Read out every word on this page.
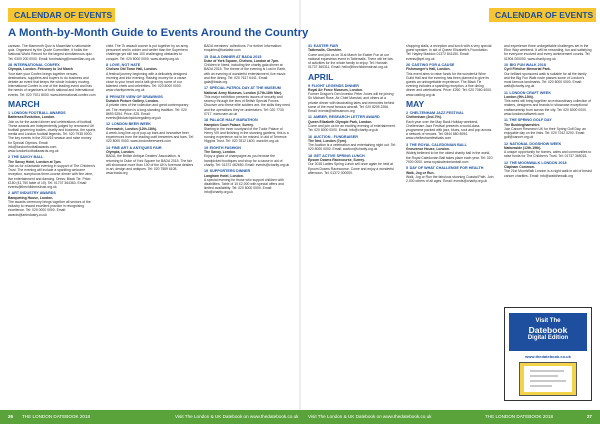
CALENDAR OF EVENTS	CALENDAR OF EVENTS
A Month-by-Month Guide to Events Around the Country
caravan. The Mammoth Quiz is Macmillan's nationwide quiz. Organised by the Quote Committee, it holds the National World Record for the largest simultaneous quiz. Tel: 0300 200 0000. Email: fundraising@macmillan.org.uk
28 INTERNATIONAL CONFEX
Olympia, London. February to 1st March
Your start your Confex brings together venues, destinations, suppliers and buyers to do business and debate an event that keeps the whole industry moving. International Confex is one of the leading event and has the needs of organisers of both national and international events. Tel: 020 7921 8000. www.international-confex.com
MARCH
1 LONDON FOOTBALL AWARDS
Battersea Evolution, London.
Join us for the award dinner and celebrations of football. These awards are independently judged by renowned UK football governing bodies, charity and business, the sports media and London football legends. Tel: 020 7935 0000. The key events in the 2014/15 season and raise money for Special Olymics. Email: info@londonfootballawards.com. www.londonfootballawards.org.uk
2 THE SAVOY BALL
The Savoy Hotel, London at 7pm.
Join us for a fantastic evening in support of The Children's Trust. The evening will include a sparkling welcome reception, sumptuous three-course dinner with fine wine, live entertainment and dancing. Dress: Black Tie. Price: £180 (£1,750 table of 10). Tel: 01737 364363. Email: events@thechildrenstrust.org.uk
2 ART INDUSTRY AWARDS
Banqueting House, London.
The awards ceremony brings together all sectors of the industry to reward excellent practice in recognising excellence. Tel: 020 0000 0000. Email: awards@artindustry.co.uk
child. The 7k assault course is put together by an army personnel and is colder and wetter than the Superhero challenge yet still has 100 challenging obstacles to conquer. Tel: 020 8000 0000. www.charity.org.uk
8 LOVE, NOT HATE
Chelsea Old Town Hall, London.
A festival journey beginning with a delicately designed morning and into evening. Raising money for a cause close to your heart and a talk given by some of our talented chefs and celebrities. Tel: 020 8000 0000. www.charityevents.org.uk
8 PRIVATE VIEW OF DRAWINGS
Dulwich Picture Gallery, London.
A private view of the collection and great contemporary art. The reception is a long-standing tradition. Tel: 020 8693 5254. Price: £25. Email: events@dulwichpicturegallery.org.uk
12 LONDON BEER WEEK
Greenwich, London (12th-18th).
A week-long line-up of pop-up bars and innovative beer experiences from the leading craft breweries and bars. Tel: 020 8000 0000. www.londonbeerweek.com
14 FINE ART & ANTIQUES FAIR
Olympia, London.
BADA, the British Antique Dealers' Association, is returning to Duke of York Square for BADA 2015. The fair will showcase more than 100 of the UK's foremost dealers in art, design and antiques. Tel: 020 7589 6108. www.bada.org
BADA members' collections. For further information: enquiries@badafair.com
15 GALA DINNER AT BADA 2015
Duke of York Square, Chelsea, London at 7pm.
Children in Need, including the charity gala dinner at BADA 2015. The theme of the evening is Lost in Earth, with an evening of wonderful entertainment, live music and fine dining. Tel: 020 7617 6441. Email: gala@bada.org
17 SPECIAL PATROL DAY AT THE MUSEUM
National Army Museum, London (17th-18th Mar).
This major exhibition presents issues of security and secrecy through the lens of British Special Forces. Discover who these elite soldiers are, the skills they need and the operations they've undertaken. Tel: 020 7730 0717. www.nam.ac.uk
18 PALACE HALF MARATHON
Hampton Court Palace, Surrey.
Starting in the inner courtyard of the Tudor Palace of Henry VIII and finishing in the stunning gardens, this is a running experience not to be missed. In aid of Terrence Higgins Trust. Tel: 020 7812 1600. www.tht.org.uk
19 EIGHTH FASHION
The Savoy, London.
Enjoy a glass of champagne as you browse the handpicked boutiques and shop for a cause in aid of charity. Tel: 01372 462650. Email: events@charity.org.uk
19 SUPPORTERS DINNER
Langham Hotel, London.
A special evening for those who support children with disabilities. Table of 10 £2,000 with special offers and limited availability. Tel: 020 8000 0000. Email: info@charity.org.uk
31 EASTER FAIR
Tattersalls, Cheshire.
Come and join us on 31st March for Easter Fun at our national equestrian event in Tattersalls. There will be lots of activities for the whole family to enjoy. Tel: Hannah 01737 360311. Email: hello@thechildrenstrust.org.uk
APRIL
9 FLIGHT LEGENDS DINNER
Royal Air Force Museum, London.
Former Dragon's Den investor Peter Jones will be joining Sir Michael Rose, Air Chief Marshal, and others at a private dinner with fascinating tales and memories behind some of the most famous aircraft. Tel: 020 8205 2266. Email: events@rafmuseum.org
11 AMBER, RESEARCH LETTER AWARD
Queen Elizabeth Olympic Park, London.
Come and join us for an exciting evening of entertainment. Tel: 020 8000 0000. Email: info@charity.org.uk
16 AUCTION - FUNDRAISER
The Ned, London (7pm).
The Auction is a celebration and entertaining night out. Tel: 020 8000 0000. Email: auction@charity.org.uk
18 GET ACTIVE SPRING LUNCH
Epsom Downs Racecourse, Surrey.
Our 2018 Ladies Spring Lunch will once again be held at Epsom Downs Racecourse. Come and enjoy a wonderful afternoon. Tel: 01372 000000.
shopping stalls, a reception and lunch with a very special guest speaker. In aid of Queen Elizabeth's Foundation. Tel: Hayley Maddox 01372 841150. Email: events@qef.org.uk
26 CASTING FOR A CAUSE
Fishmonger's Hall, London.
This event aims to raise funds for the wonderful Wine Guild Hall and the evening has been planned to give its guests an unforgettable experience. The Black Tie evening includes a sparkling reception, a fine dining dinner and celebrations. Price: £250. Tel: 020 7060 4000. www.casting.org.uk
MAY
2 CHELTENHAM JAZZ FESTIVAL
Cheltenham (2nd-7th).
Each year over the May Bank Holiday weekend, Cheltenham Jazz Festival presents a world-class programme packed with jazz, blues, soul and pop across a network of venues. Tel: 0844 880 8094. www.cheltenhamfestivals.com
3 THE ROYAL CALEDONIAN BALL
Grosvenor House, London.
Widely believed to be the oldest charity ball in the world, the Royal Caledonian Ball takes place each year. Tel: 020 7000 0000. www.royalcaledonianball.com
5 DAY OF WHAT CHALLENGE FOR HEALTH
Walk, Jog or Run.
Walk, Jog or Run the fabulous stunning Coastal Path. Join 2,000 others of all ages. Email: events@charity.org.uk
and experience three unforgettable challenges set in the Ebor Way weekend. It will be rewarding, fun and satisfying for everyone involved and every achievement counts. Tel: 01904 000000. www.charity.org.uk
10 BIG FUN WALK 2018
Cyril Fletcher Memorial Park.
Our brilliant sponsored walk is suitable for all the family and the Big Fun Walk route passes some of London's most famous landmarks. Tel: 020 8000 0000. Email: walk@charity.org.uk
11 LONDON CRAFT WEEK
London (9th-13th).
This week will bring together an extraordinary collection of makers, designers and brands to showcase exceptional craftsmanship from across the city. Tel: 020 8000 0000. www.londoncraftweek.com
11 THE SPRING GOLF DAY
The Buckinghamshire.
Join Cancer Research UK for their Spring Golf Day, an enjoyable day on the links. Tel: 020 7242 0200. Email: golf@cancer.org.uk
12 NATIONAL DOGSHOW WEEK
Nationwide (12th-19th).
A unique opportunity for homes, cafes and communities to raise funds for The Children's Trust. Tel: 01737 365015.
12 THE MOONWALK LONDON 2018
Clapham Common.
The 21st MoonWalk London is a night walk in aid of breast cancer charities. Email: info@walkthewalk.org
Visit The
Datebook
Digital Edition
www.thedatebook.co.uk
26 THE LONDON DATEBOOK 2018	Visit The London & UK Datebook on www.thedatebook.co.uk Visit The London & UK Datebook on www.thedatebook.co.uk	THE LONDON DATEBOOK 2018	27
